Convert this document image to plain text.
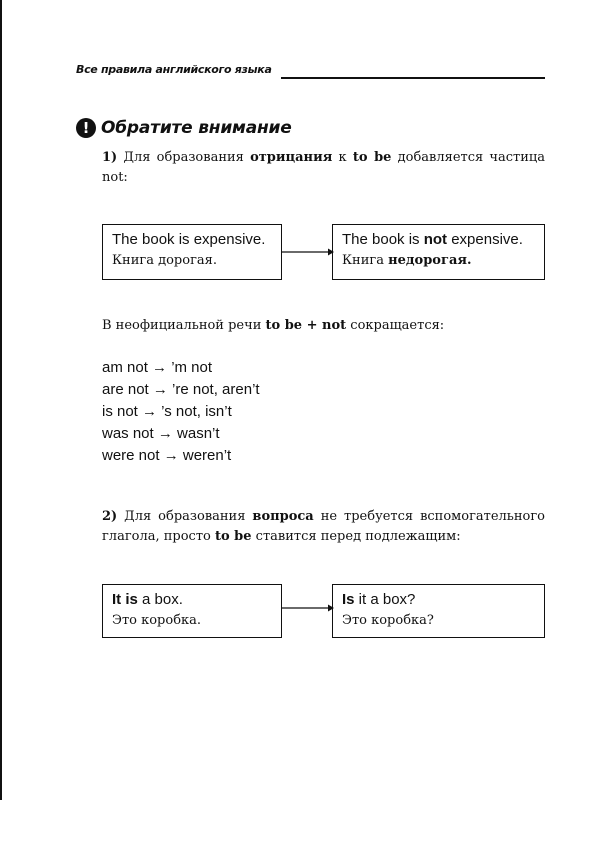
Все правила английского языка
! Обратите внимание
1) Для образования отрицания к to be добавляется частица not:
The book is expensive.
Книга дорогая.
The book is not expensive.
Книга недорогая.
В неофициальной речи to be + not сокращается:
am not → ’m not
are not → ’re not, aren’t
is not → ’s not, isn’t
was not → wasn’t
were not → weren’t
2) Для образования вопроса не требуется вспомогательного глагола, просто to be ставится перед подлежащим:
It is a box.
Это коробка.
Is it a box?
Это коробка?
